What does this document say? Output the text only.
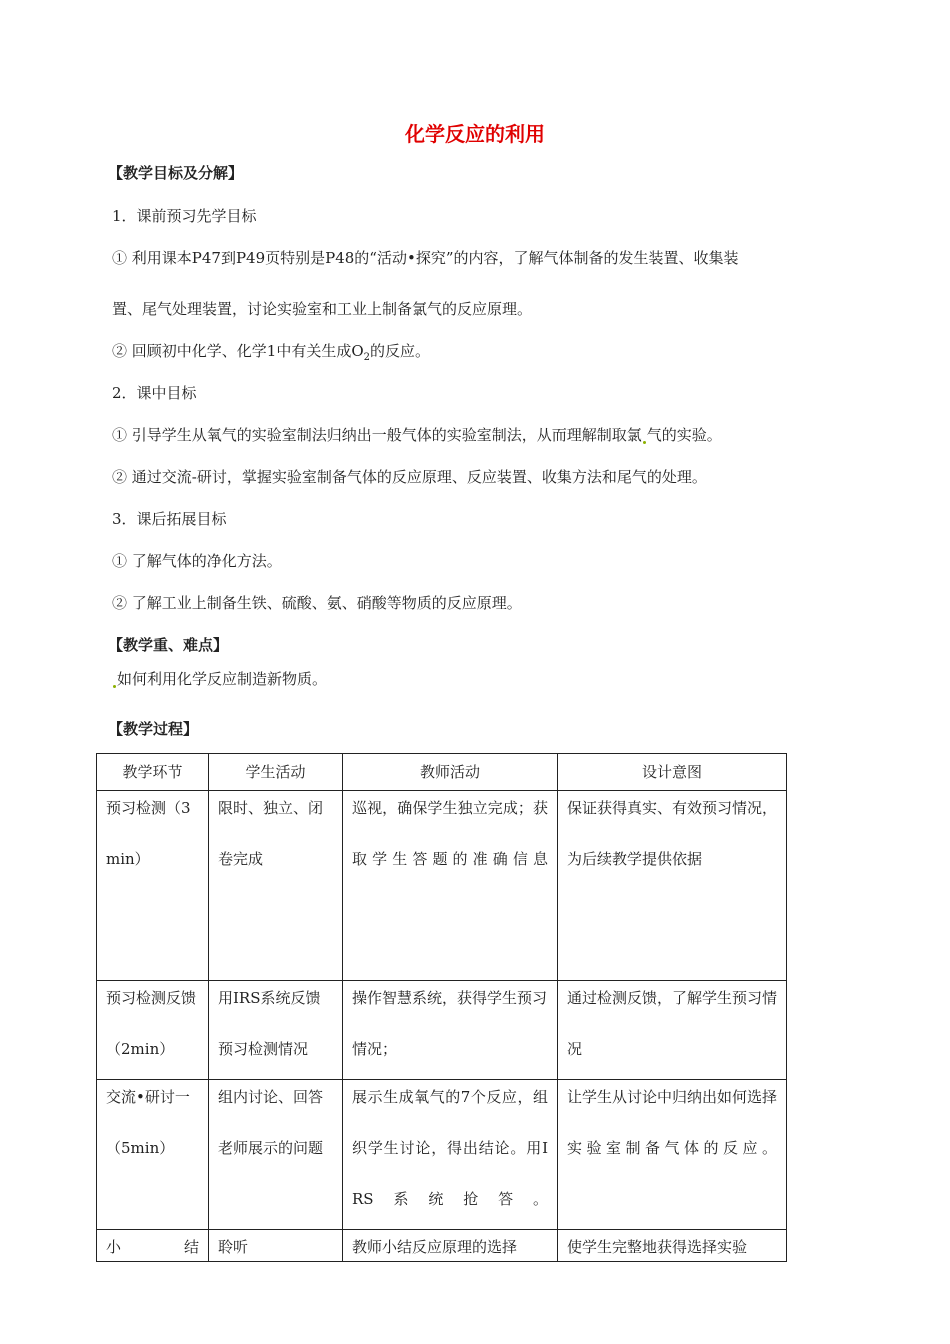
化学反应的利用
【教学目标及分解】
1．课前预习先学目标
① 利用课本P47到P49页特别是P48的“活动•探究”的内容，了解气体制备的发生装置、收集装
置、尾气处理装置，讨论实验室和工业上制备氯气的反应原理。
② 回顾初中化学、化学1中有关生成$O_2$的反应。
2．课中目标
① 引导学生从氧气的实验室制法归纳出一般气体的实验室制法，从而理解制取氯 气的实验。
② 通过交流-研讨，掌握实验室制备气体的反应原理、反应装置、收集方法和尾气的处理。
3．课后拓展目标
① 了解气体的净化方法。
② 了解工业上制备生铁、硫酸、氨、硝酸等物质的反应原理。
【教学重、难点】
如何利用化学反应制造新物质。
【教学过程】
教学环节	学生活动	教师活动	设计意图

预习检测（3min）	限时、独立、闭卷完成	巡视，确保学生独立完成；获取学生答题的准确信息	保证获得真实、有效预习情况，为后续教学提供依据

预习检测反馈（2min）	用IRS系统反馈预习检测情况	操作智慧系统，获得学生预习情况；	通过检测反馈，了解学生预习情况

交流•研讨一（5min）	组内讨论、回答老师展示的问题	展示生成氧气的7个反应，组织学生讨论，得出结论。用IRS系统抢答。	让学生从讨论中归纳出如何选择实验室制备气体的反应。

小 结	聆听	教师小结反应原理的选择	使学生完整地获得选择实验
